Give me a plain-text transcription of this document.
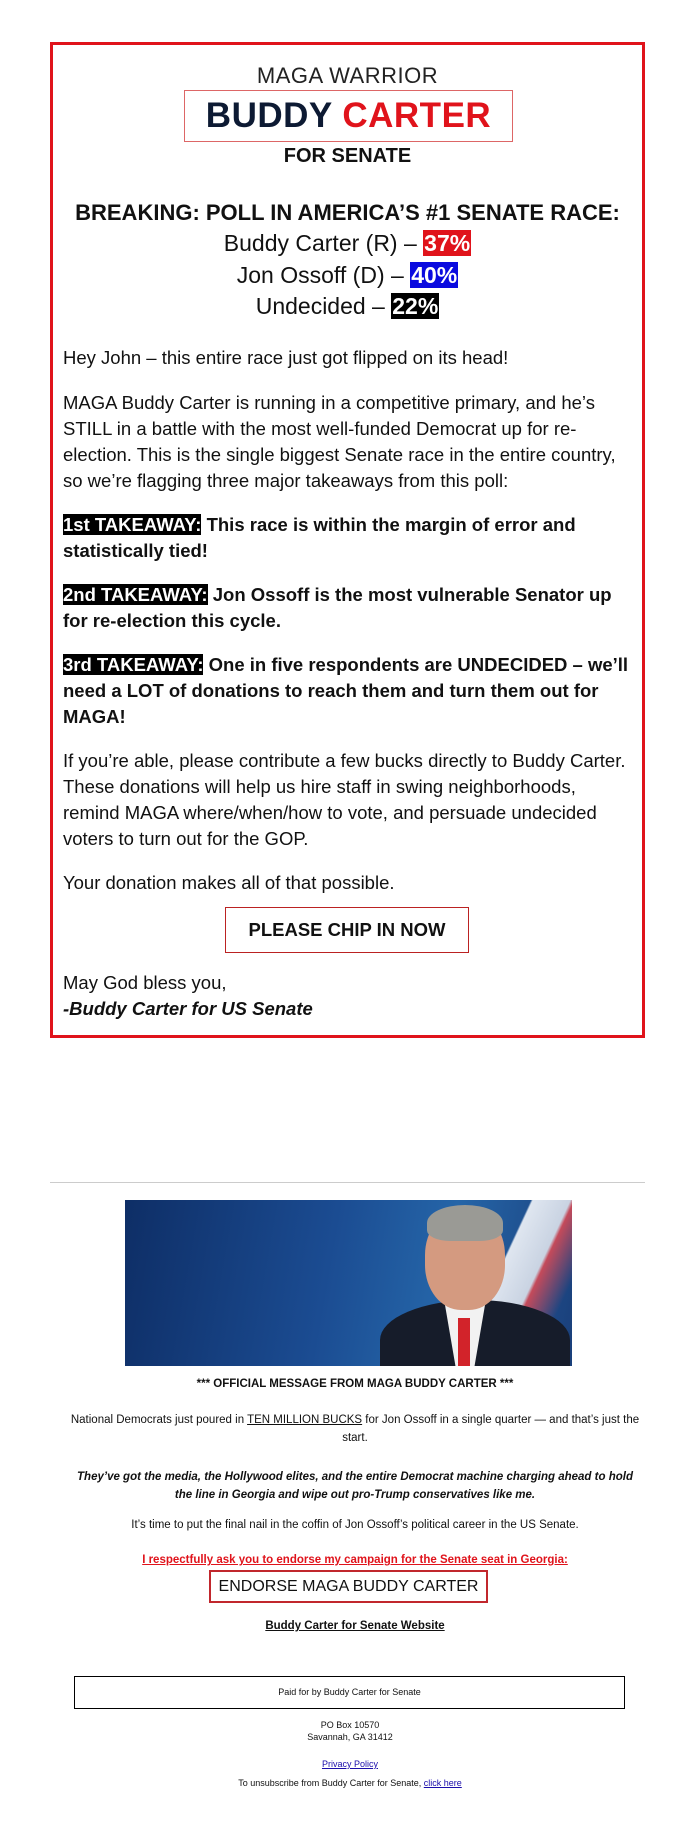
MAGA WARRIOR
BUDDY CARTER
FOR SENATE
BREAKING: POLL IN AMERICA’S #1 SENATE RACE:
Buddy Carter (R) – 37%
Jon Ossoff (D) – 40%
Undecided – 22%
Hey John – this entire race just got flipped on its head!
MAGA Buddy Carter is running in a competitive primary, and he’s STILL in a battle with the most well-funded Democrat up for re-election. This is the single biggest Senate race in the entire country, so we’re flagging three major takeaways from this poll:
1st TAKEAWAY: This race is within the margin of error and statistically tied!
2nd TAKEAWAY: Jon Ossoff is the most vulnerable Senator up for re-election this cycle.
3rd TAKEAWAY: One in five respondents are UNDECIDED – we’ll need a LOT of donations to reach them and turn them out for MAGA!
If you’re able, please contribute a few bucks directly to Buddy Carter. These donations will help us hire staff in swing neighborhoods, remind MAGA where/when/how to vote, and persuade undecided voters to turn out for the GOP.
Your donation makes all of that possible.
PLEASE CHIP IN NOW
May God bless you,
-Buddy Carter for US Senate
*** OFFICIAL MESSAGE FROM MAGA BUDDY CARTER ***
National Democrats just poured in TEN MILLION BUCKS for Jon Ossoff in a single quarter — and that’s just the start.
They’ve got the media, the Hollywood elites, and the entire Democrat machine charging ahead to hold the line in Georgia and wipe out pro-Trump conservatives like me.
It’s time to put the final nail in the coffin of Jon Ossoff’s political career in the US Senate.
I respectfully ask you to endorse my campaign for the Senate seat in Georgia:
ENDORSE MAGA BUDDY CARTER
Buddy Carter for Senate Website
Paid for by Buddy Carter for Senate
PO Box 10570
Savannah, GA 31412
Privacy Policy
To unsubscribe from Buddy Carter for Senate, click here
